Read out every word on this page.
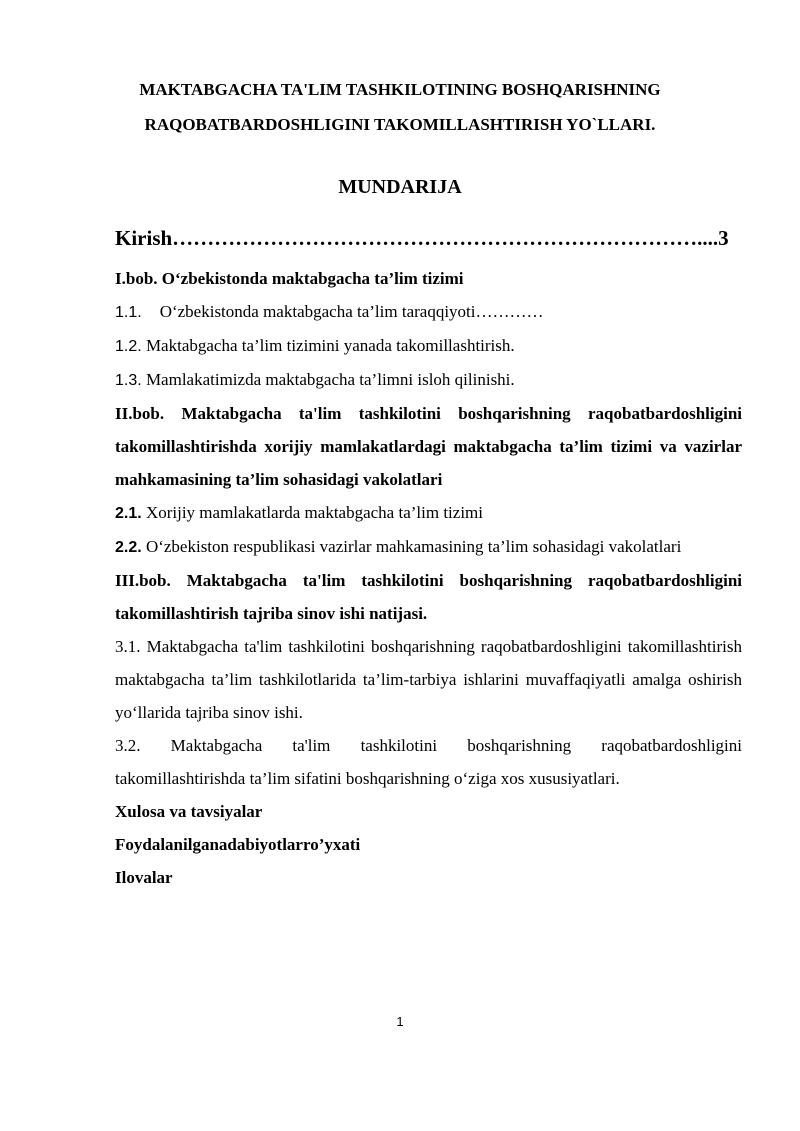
MAKTABGACHA TA'LIM TASHKILOTINING BOSHQARISHNING RAQOBATBARDOSHLIGINI TAKOMILLASHTIRISH YO`LLARI.
MUNDARIJA
Kirish…………………………………………………………………....3
I.bob. O‘zbekistonda maktabgacha ta’lim tizimi
1.1. O‘zbekistonda maktabgacha ta’lim taraqqiyoti…………
1.2. Maktabgacha ta’lim tizimini yanada takomillashtirish.
1.3. Mamlakatimizda maktabgacha ta’limni isloh qilinishi.
II.bob. Maktabgacha ta'lim tashkilotini boshqarishning raqobatbardoshligini takomillashtirishda xorijiy mamlakatlardagi maktabgacha ta’lim tizimi va vazirlar mahkamasining ta’lim sohasidagi vakolatlari
2.1. Xorijiy mamlakatlarda maktabgacha ta’lim tizimi
2.2. O‘zbekiston respublikasi vazirlar mahkamasining ta’lim sohasidagi vakolatlari
III.bob. Maktabgacha ta'lim tashkilotini boshqarishning raqobatbardoshligini takomillashtirish tajriba sinov ishi natijasi.
3.1. Maktabgacha ta'lim tashkilotini boshqarishning raqobatbardoshligini takomillashtirish maktabgacha ta’lim tashkilotlarida ta’lim-tarbiya ishlarini muvaffaqiyatli amalga oshirish yo‘llarida tajriba sinov ishi.
3.2. Maktabgacha ta'lim tashkilotini boshqarishning raqobatbardoshligini takomillashtirishda ta’lim sifatini boshqarishning o‘ziga xos xususiyatlari.
Xulosa va tavsiyalar
Foydalanilganadabiyotlarro’yxati
Ilovalar
1
